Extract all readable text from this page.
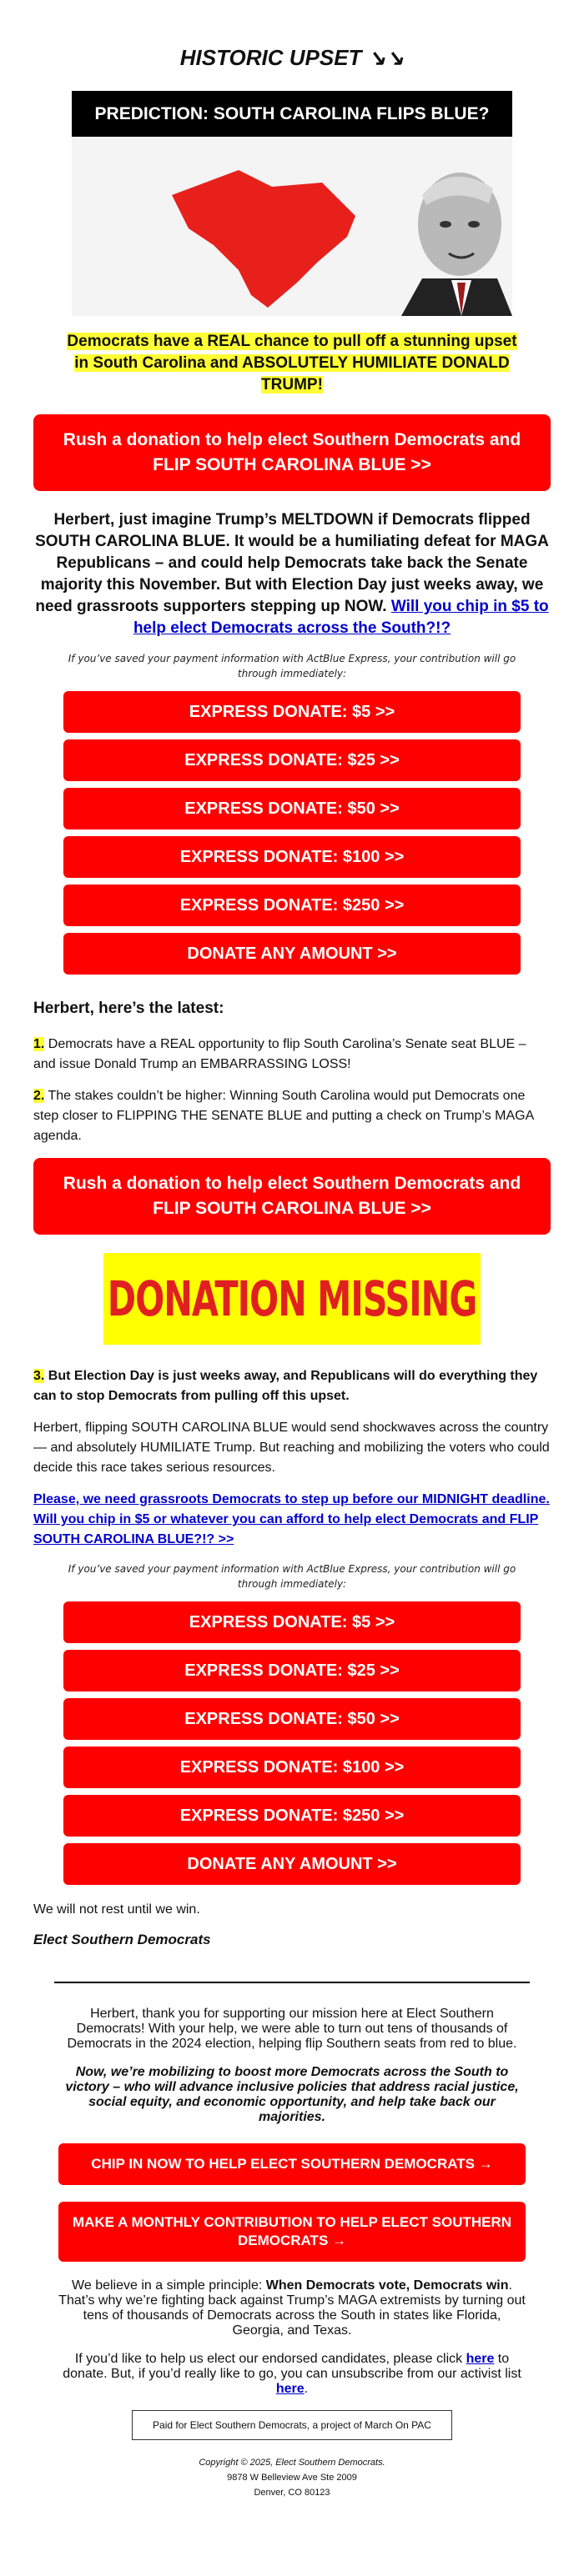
HISTORIC UPSET ↘↘
PREDICTION: SOUTH CAROLINA FLIPS BLUE?
Democrats have a REAL chance to pull off a stunning upset in South Carolina and ABSOLUTELY HUMILIATE DONALD TRUMP!
Rush a donation to help elect Southern Democrats and FLIP SOUTH CAROLINA BLUE >>
Herbert, just imagine Trump’s MELTDOWN if Democrats flipped SOUTH CAROLINA BLUE. It would be a humiliating defeat for MAGA Republicans – and could help Democrats take back the Senate majority this November. But with Election Day just weeks away, we need grassroots supporters stepping up NOW. Will you chip in $5 to help elect Democrats across the South?!?
If you’ve saved your payment information with ActBlue Express, your contribution will go through immediately:
EXPRESS DONATE: $5 >>
EXPRESS DONATE: $25 >>
EXPRESS DONATE: $50 >>
EXPRESS DONATE: $100 >>
EXPRESS DONATE: $250 >>
DONATE ANY AMOUNT >>
Herbert, here’s the latest:

1. Democrats have a REAL opportunity to flip South Carolina’s Senate seat BLUE – and issue Donald Trump an EMBARRASSING LOSS!

2. The stakes couldn’t be higher: Winning South Carolina would put Democrats one step closer to FLIPPING THE SENATE BLUE and putting a check on Trump’s MAGA agenda.

Rush a donation to help elect Southern Democrats and FLIP SOUTH CAROLINA BLUE >>
DONATION MISSING

3. But Election Day is just weeks away, and Republicans will do everything they can to stop Democrats from pulling off this upset.

Herbert, flipping SOUTH CAROLINA BLUE would send shockwaves across the country — and absolutely HUMILIATE Trump. But reaching and mobilizing the voters who could decide this race takes serious resources.

Please, we need grassroots Democrats to step up before our MIDNIGHT deadline. Will you chip in $5 or whatever you can afford to help elect Democrats and FLIP SOUTH CAROLINA BLUE?!? >>

If you’ve saved your payment information with ActBlue Express, your contribution will go through immediately:
EXPRESS DONATE: $5 >>
EXPRESS DONATE: $25 >>
EXPRESS DONATE: $50 >>
EXPRESS DONATE: $100 >>
EXPRESS DONATE: $250 >>
DONATE ANY AMOUNT >>

We will not rest until we win.

Elect Southern Democrats

Herbert, thank you for supporting our mission here at Elect Southern Democrats! With your help, we were able to turn out tens of thousands of Democrats in the 2024 election, helping flip Southern seats from red to blue.

Now, we’re mobilizing to boost more Democrats across the South to victory – who will advance inclusive policies that address racial justice, social equity, and economic opportunity, and help take back our majorities.

CHIP IN NOW TO HELP ELECT SOUTHERN DEMOCRATS →
MAKE A MONTHLY CONTRIBUTION TO HELP ELECT SOUTHERN DEMOCRATS →

We believe in a simple principle: When Democrats vote, Democrats win. That’s why we’re fighting back against Trump’s MAGA extremists by turning out tens of thousands of Democrats across the South in states like Florida, Georgia, and Texas.

If you’d like to help us elect our endorsed candidates, please click here to donate. But, if you’d really like to go, you can unsubscribe from our activist list here.

Paid for Elect Southern Democrats, a project of March On PAC
Copyright © 2025, Elect Southern Democrats.
9878 W Belleview Ave Ste 2009
Denver, CO 80123
